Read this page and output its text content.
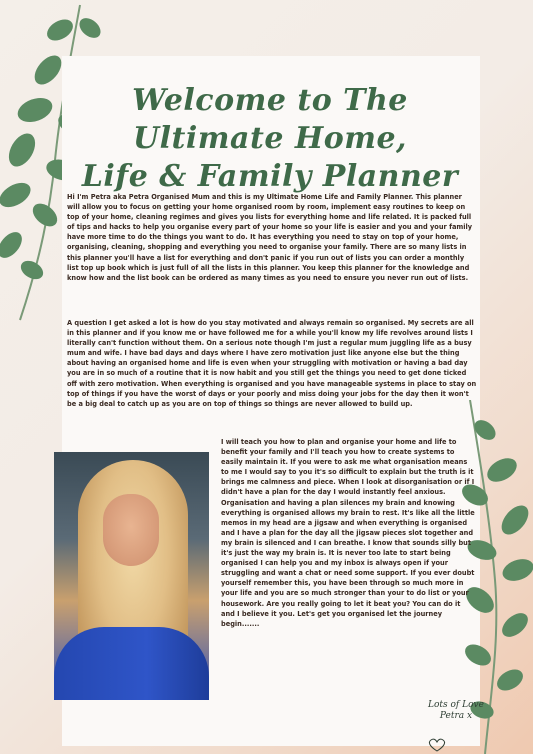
Welcome to The Ultimate Home,
Life & Family Planner

Hi I'm Petra aka Petra Organised Mum and this is my Ultimate Home Life and Family Planner. This planner will allow you to focus on getting your home organised room by room, implement easy routines to keep on top of your home, cleaning regimes and gives you lists for everything home and life related. It is packed full of tips and hacks to help you organise every part of your home so your life is easier and you and your family have more time to do the things you want to do. It has everything you need to stay on top of your home, organising, cleaning, shopping and everything you need to organise your family. There are so many lists in this planner you'll have a list for everything and don't panic if you run out of lists you can order a monthly list top up book which is just full of all the lists in this planner. You keep this planner for the knowledge and know how and the list book can be ordered as many times as you need to ensure you never run out of lists.

A question I get asked a lot is how do you stay motivated and always remain so organised. My secrets are all in this planner and if you know me or have followed me for a while you'll know my life revolves around lists I literally can't function without them. On a serious note though I'm just a regular mum juggling life as a busy mum and wife. I have bad days and days where I have zero motivation just like anyone else but the thing about having an organised home and life is even when your struggling with motivation or having a bad day you are in so much of a routine that it is now habit and you still get the things you need to get done ticked off with zero motivation. When everything is organised and you have manageable systems in place to stay on top of things if you have the worst of days or your poorly and miss doing your jobs for the day then it won't be a big deal to catch up as you are on top of things so things are never allowed to build up.

I will teach you how to plan and organise your home and life to benefit your family and I'll teach you how to create systems to easily maintain it. If you were to ask me what organisation means to me I would say to you it's so difficult to explain but the truth is it brings me calmness and piece. When I look at disorganisation or if I didn't have a plan for the day I would instantly feel anxious. Organisation and having a plan silences my brain and knowing everything is organised allows my brain to rest. It's like all the little memos in my head are a jigsaw and when everything is organised and I have a plan for the day all the jigsaw pieces slot together and my brain is silenced and I can breathe. I know that sounds silly but it's just the way my brain is. It is never too late to start being organised I can help you and my inbox is always open if your struggling and want a chat or need some support. If you ever doubt yourself remember this, you have been through so much more in your life and you are so much stronger than your to do list or your housework. Are you really going to let it beat you? You can do it and I believe it you. Let's get you organised let the journey begin.......

Lots of Love
Petra x
